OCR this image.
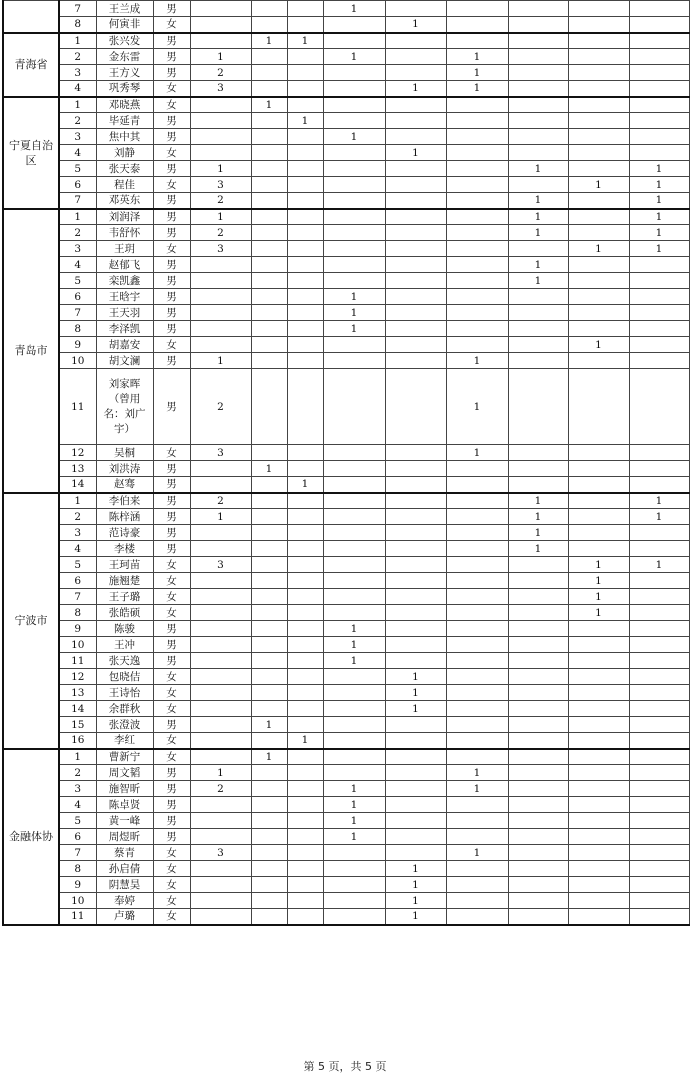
	7	王兰成	男				1					
	8	何寅非	女					1				
青海省	1	张兴发	男		1	1						
	2	金东雷	男	1			1		1			
	3	王方义	男	2					1			
	4	巩秀琴	女	3				1	1			
宁夏自治区	1	邓晓燕	女		1							
	2	毕延青	男			1						
	3	焦中其	男				1					
	4	刘静	女					1				
	5	张天泰	男	1						1		1
	6	程佳	女	3							1	1
	7	邓英东	男	2						1		1
青岛市	1	刘润泽	男	1						1		1
	2	韦舒怀	男	2						1		1
	3	王玥	女	3							1	1
	4	赵郁飞	男							1		
	5	栾凯鑫	男							1		
	6	王晗宇	男				1					
	7	王天羽	男				1					
	8	李泽凯	男				1					
	9	胡嘉安	女								1	
	10	胡文澜	男	1					1			
	11	刘家晖（曾用名：刘广宇）	男	2					1			
	12	吴桐	女	3					1			
	13	刘洪涛	男		1							
	14	赵骞	男			1						
宁波市	1	李伯来	男	2						1		1
	2	陈梓涵	男	1						1		1
	3	范诗豪	男							1		
	4	李楼	男							1		
	5	王珂苗	女	3							1	1
	6	施翘楚	女								1	
	7	王子璐	女								1	
	8	张皓硕	女								1	
	9	陈骏	男				1					
	10	王冲	男				1					
	11	张天逸	男				1					
	12	包晓佶	女					1				
	13	王诗怡	女					1				
	14	余群秋	女					1				
	15	张澄波	男		1							
	16	李红	女			1						
金融体协	1	曹新宁	女		1							
	2	周文韬	男	1					1			
	3	施智昕	男	2			1		1			
	4	陈卓贤	男				1					
	5	黄一峰	男				1					
	6	周煜昕	男				1					
	7	蔡青	女	3					1			
	8	孙启倩	女					1				
	9	阴慧昊	女					1				
	10	奉婷	女					1				
	11	卢璐	女					1				
第 5 页，共 5 页
